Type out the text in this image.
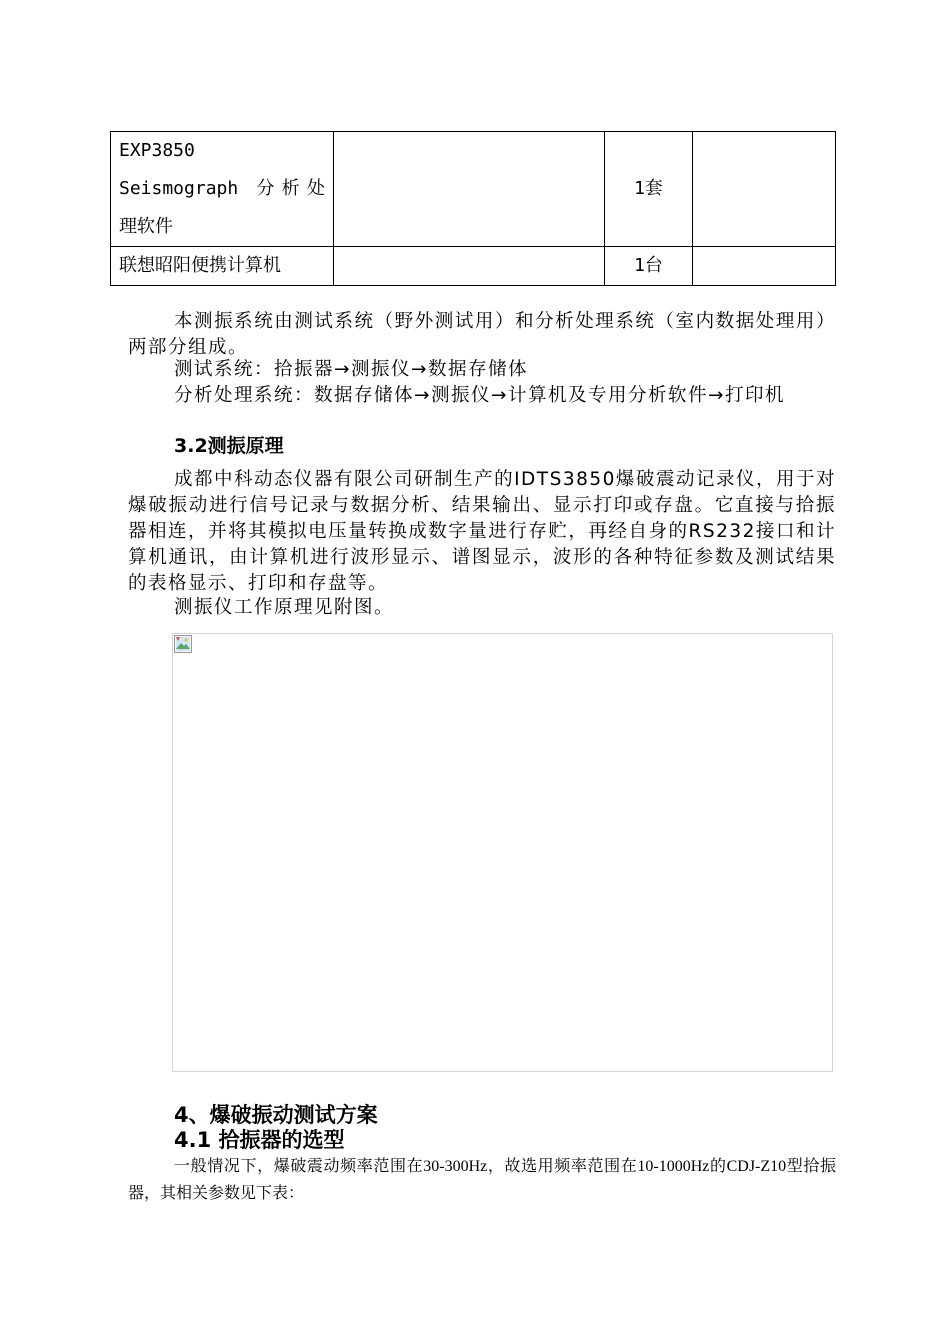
EXP3850
Seismograph 分析处
理软件		1套	

联想昭阳便携计算机		1台	

本测振系统由测试系统（野外测试用）和分析处理系统（室内数据处理用）两部分组成。

测试系统：拾振器→测振仪→数据存储体

分析处理系统：数据存储体→测振仪→计算机及专用分析软件→打印机

3.2测振原理

成都中科动态仪器有限公司研制生产的IDTS3850爆破震动记录仪，用于对爆破振动进行信号记录与数据分析、结果输出、显示打印或存盘。它直接与拾振器相连，并将其模拟电压量转换成数字量进行存贮，再经自身的RS232接口和计算机通讯，由计算机进行波形显示、谱图显示，波形的各种特征参数及测试结果的表格显示、打印和存盘等。

测振仪工作原理见附图。

4、爆破振动测试方案

4.1 拾振器的选型

一般情况下，爆破震动频率范围在30-300Hz，故选用频率范围在10-1000Hz的CDJ-Z10型拾振器，其相关参数见下表：
